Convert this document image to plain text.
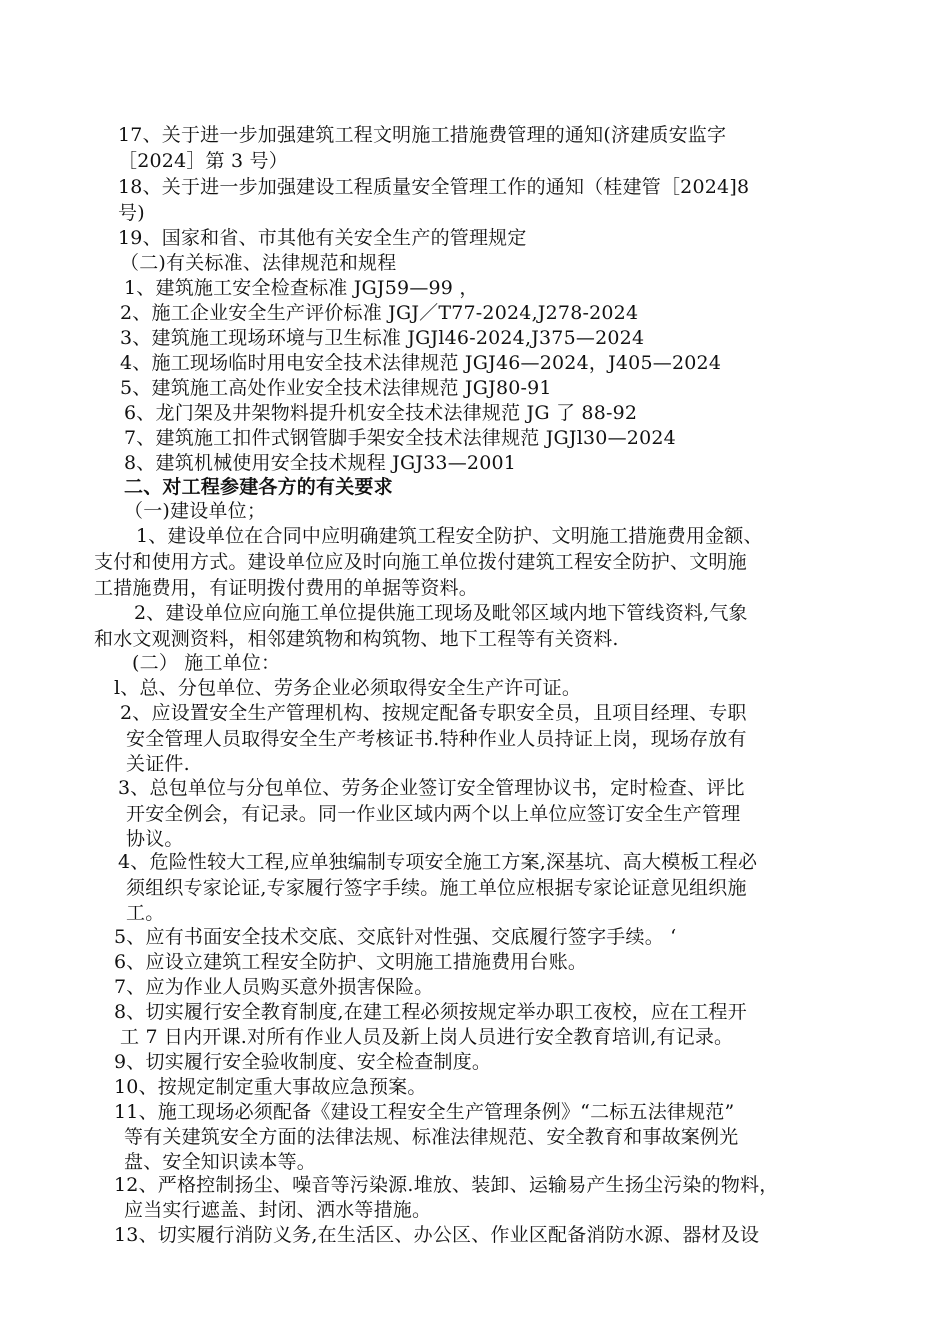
17、关于进一步加强建筑工程文明施工措施费管理的通知(济建质安监字

［2024］第 3 号）

18、关于进一步加强建设工程质量安全管理工作的通知（桂建管［2024]8

号)

19、国家和省、市其他有关安全生产的管理规定

（二)有关标准、法律规范和规程

1、建筑施工安全检查标准 JGJ59—99 ，

2、施工企业安全生产评价标准 JGJ／T77-2024,J278-2024

3、建筑施工现场环境与卫生标准 JGJl46-2024,J375—2024

4、施工现场临时用电安全技术法律规范 JGJ46—2024，J405—2024

5、建筑施工高处作业安全技术法律规范 JGJ80-91

6、龙门架及井架物料提升机安全技术法律规范 JG 了 88-92

7、建筑施工扣件式钢管脚手架安全技术法律规范 JGJl30—2024

8、建筑机械使用安全技术规程 JGJ33—2001

二、对工程参建各方的有关要求

（一)建设单位；

1、建设单位在合同中应明确建筑工程安全防护、文明施工措施费用金额、

支付和使用方式。建设单位应及时向施工单位拨付建筑工程安全防护、文明施

工措施费用，有证明拨付费用的单据等资料。

2、建设单位应向施工单位提供施工现场及毗邻区域内地下管线资料,气象

和水文观测资料，相邻建筑物和构筑物、地下工程等有关资料.

(二） 施工单位：

l、总、分包单位、劳务企业必须取得安全生产许可证。

2、应设置安全生产管理机构、按规定配备专职安全员，且项目经理、专职

安全管理人员取得安全生产考核证书.特种作业人员持证上岗，现场存放有

关证件.

3、总包单位与分包单位、劳务企业签订安全管理协议书，定时检查、评比

开安全例会，有记录。同一作业区域内两个以上单位应签订安全生产管理

协议。

4、危险性较大工程,应单独编制专项安全施工方案,深基坑、高大模板工程必

须组织专家论证,专家履行签字手续。施工单位应根据专家论证意见组织施

工。

5、应有书面安全技术交底、交底针对性强、交底履行签字手续。 ‘

6、应设立建筑工程安全防护、文明施工措施费用台账。

7、应为作业人员购买意外损害保险。

8、切实履行安全教育制度,在建工程必须按规定举办职工夜校，应在工程开

工 7 日内开课.对所有作业人员及新上岗人员进行安全教育培训,有记录。

9、切实履行安全验收制度、安全检查制度。

10、按规定制定重大事故应急预案。

11、施工现场必须配备《建设工程安全生产管理条例》“二标五法律规范”

等有关建筑安全方面的法律法规、标准法律规范、安全教育和事故案例光

盘、安全知识读本等。

12、严格控制扬尘、噪音等污染源.堆放、装卸、运输易产生扬尘污染的物料，

应当实行遮盖、封闭、洒水等措施。

13、切实履行消防义务,在生活区、办公区、作业区配备消防水源、器材及设
